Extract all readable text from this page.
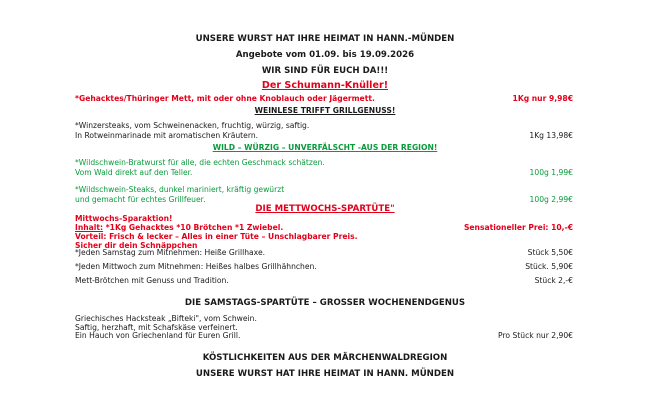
UNSERE WURST HAT IHRE HEIMAT IN HANN.-MÜNDEN
Angebote vom 01.09. bis 19.09.2026
WIR SIND FÜR EUCH DA!!!
Der Schumann-Knüller!
*Gehacktes/Thüringer Mett, mit oder ohne Knoblauch oder Jägermett.	1Kg nur 9,98€
WEINLESE TRIFFT GRILLGENUSS!
*Winzersteaks, vom Schweinenacken, fruchtig, würzig, saftig.
In Rotweinmarinade mit aromatischen Kräutern.	1Kg 13,98€
WILD – WÜRZIG – UNVERFÄLSCHT -AUS DER REGION!
*Wildschwein-Bratwurst für alle, die echten Geschmack schätzen.
Vom Wald direkt auf den Teller.	100g 1,99€
*Wildschwein-Steaks, dunkel mariniert, kräftig gewürzt
und gemacht für echtes Grillfeuer.	100g 2,99€
DIE METTWOCHS-SPARTÜTE"
Mittwochs-Sparaktion!
Inhalt: *1Kg Gehacktes *10 Brötchen *1 Zwiebel.	Sensationeller Prei: 10,-€
Vorteil: Frisch & lecker – Alles in einer Tüte – Unschlagbarer Preis.
Sicher dir dein Schnäppchen
*Jeden Samstag zum Mitnehmen: Heiße Grillhaxe.	Stück 5,50€
*Jeden Mittwoch zum Mitnehmen: Heißes halbes Grillhähnchen.	Stück. 5,90€
Mett-Brötchen mit Genuss und Tradition.	Stück 2,-€
DIE SAMSTAGS-SPARTÜTE – GROSSER WOCHENENDGENUS
Griechisches Hacksteak „Bifteki", vom Schwein.
Saftig, herzhaft, mit Schafskäse verfeinert.
Ein Hauch von Griechenland für Euren Grill.	Pro Stück nur 2,90€
KÖSTLICHKEITEN AUS DER MÄRCHENWALDREGION
UNSERE WURST HAT IHRE HEIMAT IN HANN. MÜNDEN
